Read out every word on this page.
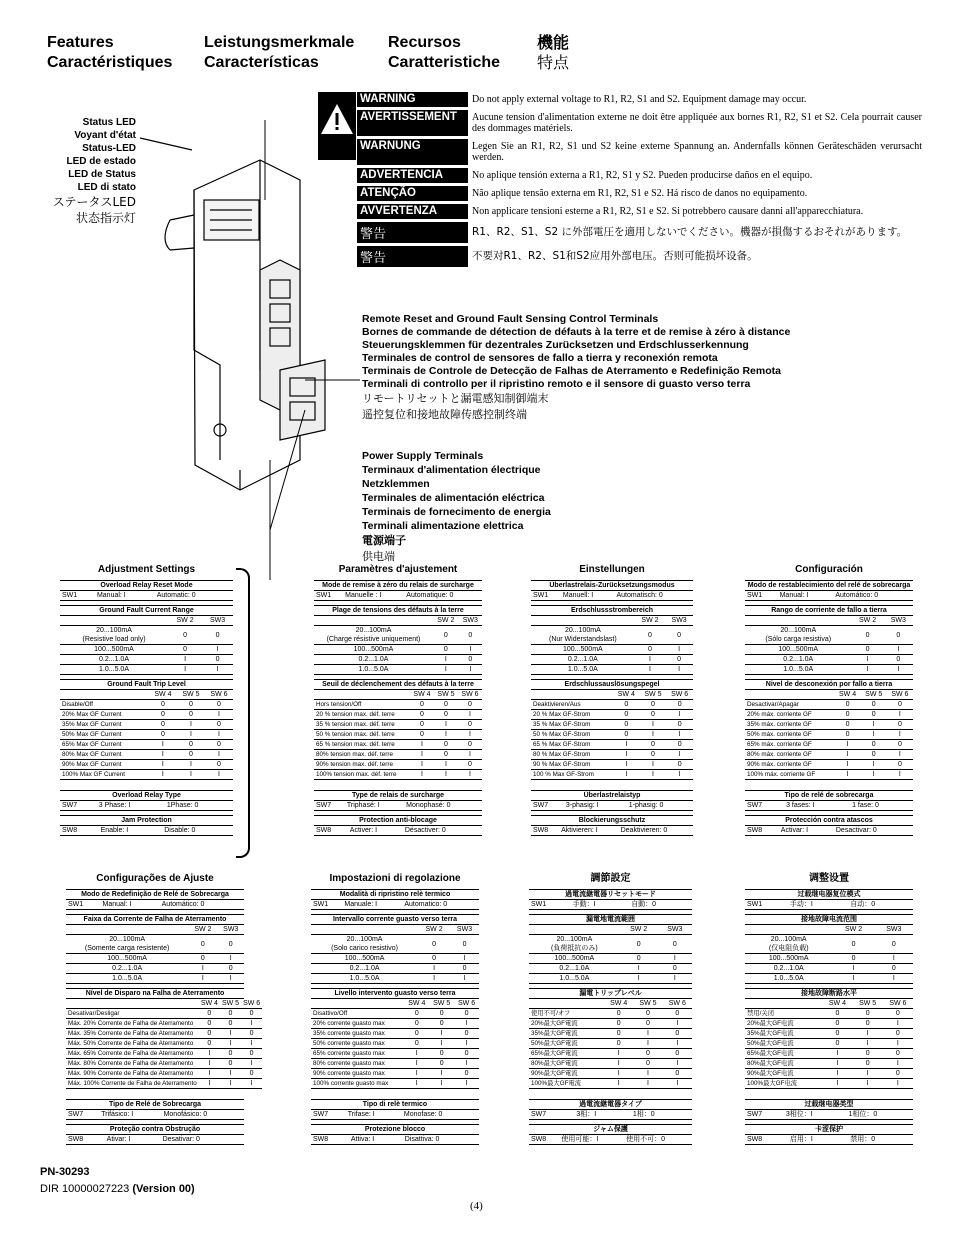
Features
Caractéristiques
Leistungsmerkmale
Características
Recursos
Caratteristiche
機能
特点
Status LED
Voyant d'état
Status-LED
LED de estado
LED de Status
LED di stato
ステータスLED
状态指示灯
WARNING	Do not apply external voltage to R1, R2, S1 and S2. Equipment damage may occur.
AVERTISSEMENT	Aucune tension d'alimentation externe ne doit être appliquée aux bornes R1, R2, S1 et S2. Cela pourrait causer des dommages matériels.
WARNUNG	Legen Sie an R1, R2, S1 und S2 keine externe Spannung an. Andernfalls können Geräteschäden verursacht werden.
ADVERTENCIA	No aplique tensión externa a R1, R2, S1 y S2. Pueden producirse daños en el equipo.
ATENÇÃO	Não aplique tensão externa em R1, R2, S1 e S2. Há risco de danos no equipamento.
AVVERTENZA	Non applicare tensioni esterne a R1, R2, S1 e S2. Si potrebbero causare danni all'apparecchiatura.
警告	R1、R2、S1、S2 に外部電圧を適用しないでください。機器が損傷するおそれがあります。
警告	不要对R1、R2、S1和S2应用外部电压。否则可能损坏设备。
Remote Reset and Ground Fault Sensing Control Terminals
Bornes de commande de détection de défauts à la terre et de remise à zéro à distance
Steuerungsklemmen für dezentrales Zurücksetzen und Erdschlusserkennung
Terminales de control de sensores de fallo a tierra y reconexión remota
Terminais de Controle de Detecção de Falhas de Aterramento e Redefinição Remota
Terminali di controllo per il ripristino remoto e il sensore di guasto verso terra
リモートリセットと漏電感知制御端末
遥控复位和接地故障传感控制终端
Power Supply Terminals
Terminaux d'alimentation électrique
Netzklemmen
Terminales de alimentación eléctrica
Terminais de fornecimento de energia
Terminali alimentazione elettrica
電源端子
供电端
Adjustment Settings
Overload Relay Reset Mode
SW1	Manual: I	Automatic: 0
Ground Fault Current Range
	SW 2	SW3

20...100mA
(Resistive load only)	0	0
100...500mA	0	I
0.2...1.0A	I	0
1.0...5.0A	I	I
Ground Fault Trip Level
	SW 4	SW 5	SW 6
Disable/Off	0	0	0
20% Max GF Current	0	0	I
35% Max GF Current	0	I	0
50% Max GF Current	0	I	I
65% Max GF Current	I	0	0
80% Max GF Current	I	0	I
90% Max GF Current	I	I	0
100% Max GF Current	I	I	I
Overload Relay Type
SW7	3 Phase: I	1Phase: 0
Jam Protection
SW8	Enable: I	Disable: 0
Paramètres d'ajustement
Mode de remise à zéro du relais de surcharge
SW1	Manuelle : I	Automatique: 0
Plage de tensions des défauts à la terre
	SW 2	SW3

20...100mA
(Charge résistive uniquement)	0	0
100...500mA	0	I
0.2...1.0A	I	0
1.0...5.0A	I	I
Seuil de déclenchement des défauts à la terre
	SW 4	SW 5	SW 6
Hors tension/Off	0	0	0
20 % tension max. déf. terre	0	0	I
35 % tension max. déf. terre	0	I	0
50 % tension max. déf. terre	0	I	I
65 % tension max. déf. terre	I	0	0
80% tension max. déf. terre	I	0	I
90% tension max. déf. terre	I	I	0
100% tension max. déf. terre	I	I	I
Type de relais de surcharge
SW7	Triphasé: I	Monophasé: 0
Protection anti-blocage
SW8	Activer: I	Désactiver: 0
Einstellungen
Überlastrelais-Zurücksetzungsmodus
SW1	Manuell: I	Automatisch: 0
Erdschlussstrombereich
	SW 2	SW3

20...100mA
(Nur Widerstandslast)	0	0
100...500mA	0	I
0.2...1.0A	I	0
1.0...5.0A	I	I
Erdschlussauslösungspegel
	SW 4	SW 5	SW 6
Deaktivieren/Aus	0	0	0
20 % Max GF-Strom	0	0	I
35 % Max GF-Strom	0	I	0
50 % Max GF-Strom	0	I	I
65 % Max GF-Strom	I	0	0
80 % Max GF-Strom	I	0	I
90 % Max GF-Strom	I	I	0
100 % Max GF-Strom	I	I	I
Überlastrelaistyp
SW7	3-phasig: I	1-phasig: 0
Blockierungsschutz
SW8	Aktivieren: I	Deaktivieren: 0
Configuración
Modo de restablecimiento del relé de sobrecarga
SW1	Manual: I	Automático: 0
Rango de corriente de fallo a tierra
	SW 2	SW3

20...100mA
(Sólo carga resistiva)	0	0
100...500mA	0	I
0.2...1.0A	I	0
1.0...5.0A	I	I
Nivel de desconexión por fallo a tierra
	SW 4	SW 5	SW 6
Desactivar/Apagar	0	0	0
20% máx. corriente GF	0	0	I
35% máx. corriente GF	0	I	0
50% máx. corriente GF	0	I	I
65% máx. corriente GF	I	0	0
80% máx. corriente GF	I	0	I
90% máx. corriente GF	I	I	0
100% máx. corriente GF	I	I	I
Tipo de relé de sobrecarga
SW7	3 fases: I	1 fase: 0
Protección contra atascos
SW8	Activar: I	Desactivar: 0
Configurações de Ajuste
Modo de Redefinição de Relé de Sobrecarga
SW1	Manual: I	Automático: 0
Faixa da Corrente de Falha de Aterramento
	SW 2	SW3

20...100mA
(Somente carga resistente)	0	0
100...500mA	0	I
0.2...1.0A	I	0
1.0...5.0A	I	I
Nível de Disparo na Falha de Aterramento
	SW 4	SW 5	SW 6
Desativar/Desligar	0	0	0
Máx. 20% Corrente de Falha de Aterramento	0	0	I
Máx. 35% Corrente de Falha de Aterramento	0	I	0
Máx. 50% Corrente de Falha de Aterramento	0	I	I
Máx. 65% Corrente de Falha de Aterramento	I	0	0
Máx. 80% Corrente de Falha de Aterramento	I	0	I
Máx. 90% Corrente de Falha de Aterramento	I	I	0
Máx. 100% Corrente de Falha de Aterramento	I	I	I
Tipo de Relé de Sobrecarga
SW7	Trifásico: I	Monofásico: 0
Proteção contra Obstrução
SW8	Ativar: I	Desativar: 0
Impostazioni di regolazione
Modalità di ripristino relè termico
SW1	Manuale: I	Automatico: 0
Intervallo corrente guasto verso terra
	SW 2	SW3

20...100mA
(Solo carico resistivo)	0	0
100...500mA	0	I
0.2...1.0A	I	0
1.0...5.0A	I	I
Livello intervento guasto verso terra
	SW 4	SW 5	SW 6
Disattivo/Off	0	0	0
20% corrente guasto max	0	0	I
35% corrente guasto max	0	I	0
50% corrente guasto max	0	I	I
65% corrente guasto max	I	0	0
80% corrente guasto max	I	0	I
90% corrente guasto max	I	I	0
100% corrente guasto max	I	I	I
Tipo di relè termico
SW7	Trifase: I	Monofase: 0
Protezione blocco
SW8	Attiva: I	Disattiva: 0
調節設定
過電流継電器リセットモード
SW1	手動：I	自動：0
漏電地電流範囲
	SW 2	SW3

20...100mA
(負荷抵抗のみ)	0	0
100...500mA	0	I
0.2...1.0A	I	0
1.0...5.0A	I	I
漏電トリップレベル
	SW 4	SW 5	SW 6
使用不可/オフ	0	0	0
20%最大GF電流	0	0	I
35%最大GF電流	0	I	0
50%最大GF電流	0	I	I
65%最大GF電流	I	0	0
80%最大GF電流	I	0	I
90%最大GF電流	I	I	0
100%最大GF電流	I	I	I
過電流継電器タイプ
SW7	3相：I	1相：0
ジャム保護
SW8	使用可能：I	使用不可：0
调整设置
过载继电器复位模式
SW1	手动：I	自动：0
接地故障电流范围
	SW 2	SW3

20...100mA
(仅电阻负载)	0	0
100...500mA	0	I
0.2...1.0A	I	0
1.0...5.0A	I	I
接地故障断路水平
	SW 4	SW 5	SW 6
禁用/关闭	0	0	0
20%最大GF电流	0	0	I
35%最大GF电流	0	I	0
50%最大GF电流	0	I	I
65%最大GF电流	I	0	0
80%最大GF电流	I	0	I
90%最大GF电流	I	I	0
100%最大GF电流	I	I	I
过载继电器类型
SW7	3相位：I	1相位：0
卡涩保护
SW8	启用：I	禁用：0
PN-30293
DIR 10000027223 (Version 00)
(4)
